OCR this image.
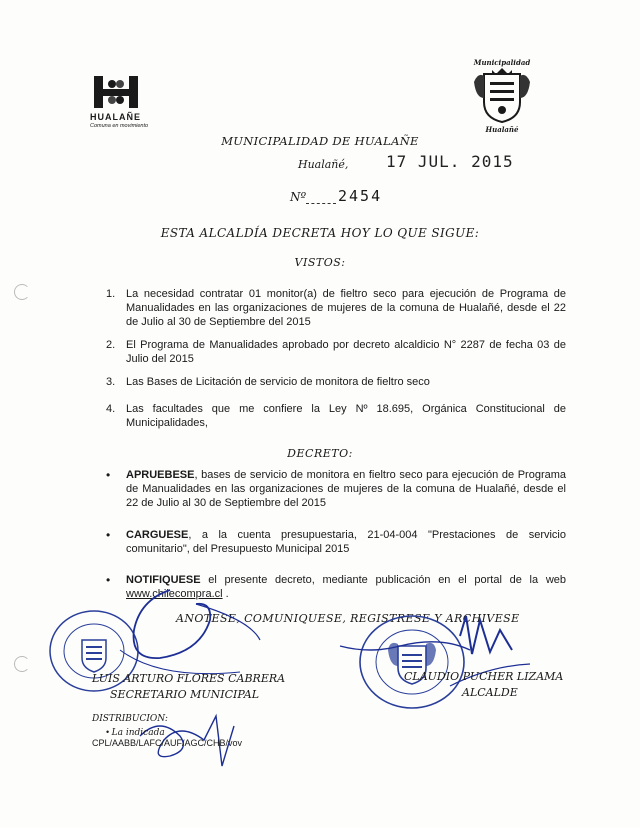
HUALAÑE
Comuna en movimiento
Municipalidad
Hualañé
MUNICIPALIDAD DE HUALAÑE
Hualañé, 17 JUL. 2015
Nº 2454
ESTA ALCALDÍA DECRETA HOY LO QUE SIGUE:
VISTOS:
1. La necesidad contratar 01 monitor(a) de fieltro seco para ejecución de Programa de Manualidades en las organizaciones de mujeres de la comuna de Hualañé, desde el 22 de Julio al 30 de Septiembre del 2015
2. El Programa de Manualidades aprobado por decreto alcaldicio N° 2287 de fecha 03 de Julio del 2015
3. Las Bases de Licitación de servicio de monitora de fieltro seco
4. Las facultades que me confiere la Ley Nº 18.695, Orgánica Constitucional de Municipalidades,
DECRETO:
• APRUEBESE, bases de servicio de monitora en fieltro seco para ejecución de Programa de Manualidades en las organizaciones de mujeres de la comuna de Hualañé, desde el 22 de Julio al 30 de Septiembre del 2015
• CARGUESE, a la cuenta presupuestaria, 21-04-004 "Prestaciones de servicio comunitario", del Presupuesto Municipal 2015
• NOTIFIQUESE el presente decreto, mediante publicación en el portal de la web www.chilecompra.cl .
ANOTESE, COMUNIQUESE, REGISTRESE Y ARCHIVESE
LUIS ARTURO FLORES CABRERA
SECRETARIO MUNICIPAL
CLAUDIO PUCHER LIZAMA
ALCALDE
DISTRIBUCION:
• La indicada
CPL/AABB/LAFC/AUF/AGC/CHB/vov
